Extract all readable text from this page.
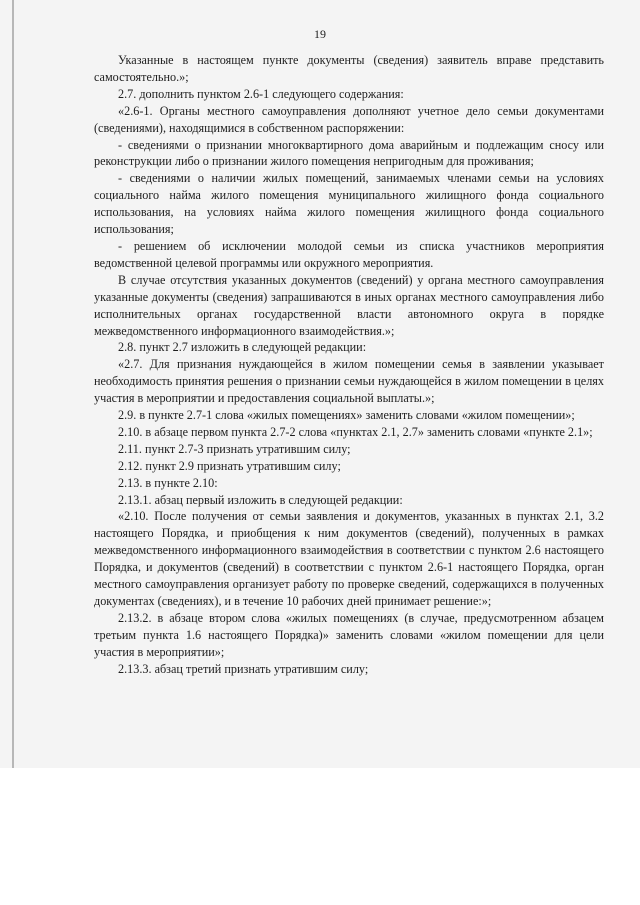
19

Указанные в настоящем пункте документы (сведения) заявитель вправе представить самостоятельно.»;

2.7. дополнить пунктом 2.6-1 следующего содержания:

«2.6-1. Органы местного самоуправления дополняют учетное дело семьи документами (сведениями), находящимися в собственном распоряжении:

- сведениями о признании многоквартирного дома аварийным и подлежащим сносу или реконструкции либо о признании жилого помещения непригодным для проживания;

- сведениями о наличии жилых помещений, занимаемых членами семьи на условиях социального найма жилого помещения муниципального жилищного фонда социального использования, на условиях найма жилого помещения жилищного фонда социального использования;

- решением об исключении молодой семьи из списка участников мероприятия ведомственной целевой программы или окружного мероприятия.

В случае отсутствия указанных документов (сведений) у органа местного самоуправления указанные документы (сведения) запрашиваются в иных органах местного самоуправления либо исполнительных органах государственной власти автономного округа в порядке межведомственного информационного взаимодействия.»;

2.8. пункт 2.7 изложить в следующей редакции:

«2.7. Для признания нуждающейся в жилом помещении семья в заявлении указывает необходимость принятия решения о признании семьи нуждающейся в жилом помещении в целях участия в мероприятии и предоставления социальной выплаты.»;

2.9. в пункте 2.7-1 слова «жилых помещениях» заменить словами «жилом помещении»;

2.10. в абзаце первом пункта 2.7-2 слова «пунктах 2.1, 2.7» заменить словами «пункте 2.1»;

2.11. пункт 2.7-3 признать утратившим силу;

2.12. пункт 2.9 признать утратившим силу;

2.13. в пункте 2.10:

2.13.1. абзац первый изложить в следующей редакции:

«2.10. После получения от семьи заявления и документов, указанных в пунктах 2.1, 3.2 настоящего Порядка, и приобщения к ним документов (сведений), полученных в рамках межведомственного информационного взаимодействия в соответствии с пунктом 2.6 настоящего Порядка, и документов (сведений) в соответствии с пунктом 2.6-1 настоящего Порядка, орган местного самоуправления организует работу по проверке сведений, содержащихся в полученных документах (сведениях), и в течение 10 рабочих дней принимает решение:»;

2.13.2. в абзаце втором слова «жилых помещениях (в случае, предусмотренном абзацем третьим пункта 1.6 настоящего Порядка)» заменить словами «жилом помещении для цели участия в мероприятии»;

2.13.3. абзац третий признать утратившим силу;
